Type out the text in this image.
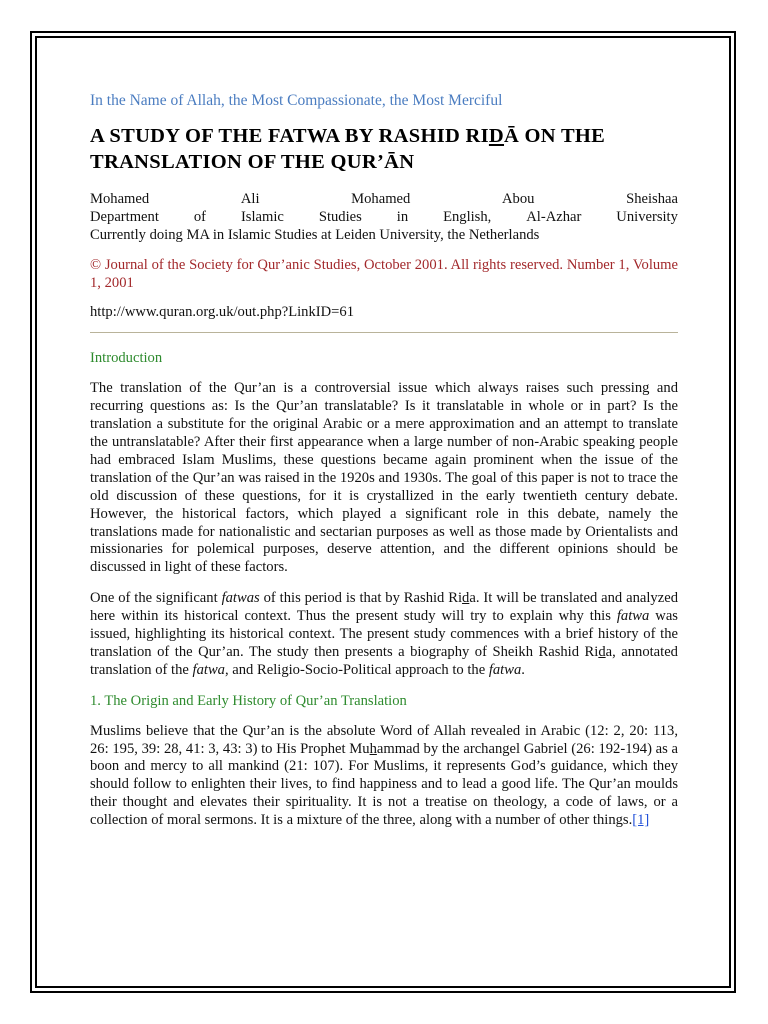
In the Name of Allah, the Most Compassionate, the Most Merciful

A STUDY OF THE FATWA BY RASHID RIDĀ ON THE
TRANSLATION OF THE QUR’ĀN
Mohamed	Ali	Mohamed	Abou	Sheishaa
Department of Islamic Studies in English, Al-Azhar University
Currently doing MA in Islamic Studies at Leiden University, the Netherlands

© Journal of the Society for Qur’anic Studies, October 2001. All rights reserved. Number 1, Volume 1, 2001

http://www.quran.org.uk/out.php?LinkID=61

Introduction

The translation of the Qur’an is a controversial issue which always raises such pressing and recurring questions as: Is the Qur’an translatable? Is it translatable in whole or in part? Is the translation a substitute for the original Arabic or a mere approximation and an attempt to translate the untranslatable? After their first appearance when a large number of non-Arabic speaking people had embraced Islam Muslims, these questions became again prominent when the issue of the translation of the Qur’an was raised in the 1920s and 1930s. The goal of this paper is not to trace the old discussion of these questions, for it is crystallized in the early twentieth century debate. However, the historical factors, which played a significant role in this debate, namely the translations made for nationalistic and sectarian purposes as well as those made by Orientalists and missionaries for polemical purposes, deserve attention, and the different opinions should be discussed in light of these factors.

One of the significant fatwas of this period is that by Rashid Rida. It will be translated and analyzed here within its historical context. Thus the present study will try to explain why this fatwa was issued, highlighting its historical context. The present study commences with a brief history of the translation of the Qur’an. The study then presents a biography of Sheikh Rashid Rida, annotated translation of the fatwa, and Religio-Socio-Political approach to the fatwa.

1. The Origin and Early History of Qur’an Translation

Muslims believe that the Qur’an is the absolute Word of Allah revealed in Arabic (12: 2, 20: 113, 26: 195, 39: 28, 41: 3, 43: 3) to His Prophet Muhammad by the archangel Gabriel (26: 192-194) as a boon and mercy to all mankind (21: 107). For Muslims, it represents God’s guidance, which they should follow to enlighten their lives, to find happiness and to lead a good life. The Qur’an moulds their thought and elevates their spirituality. It is not a treatise on theology, a code of laws, or a collection of moral sermons. It is a mixture of the three, along with a number of other things.[1]
